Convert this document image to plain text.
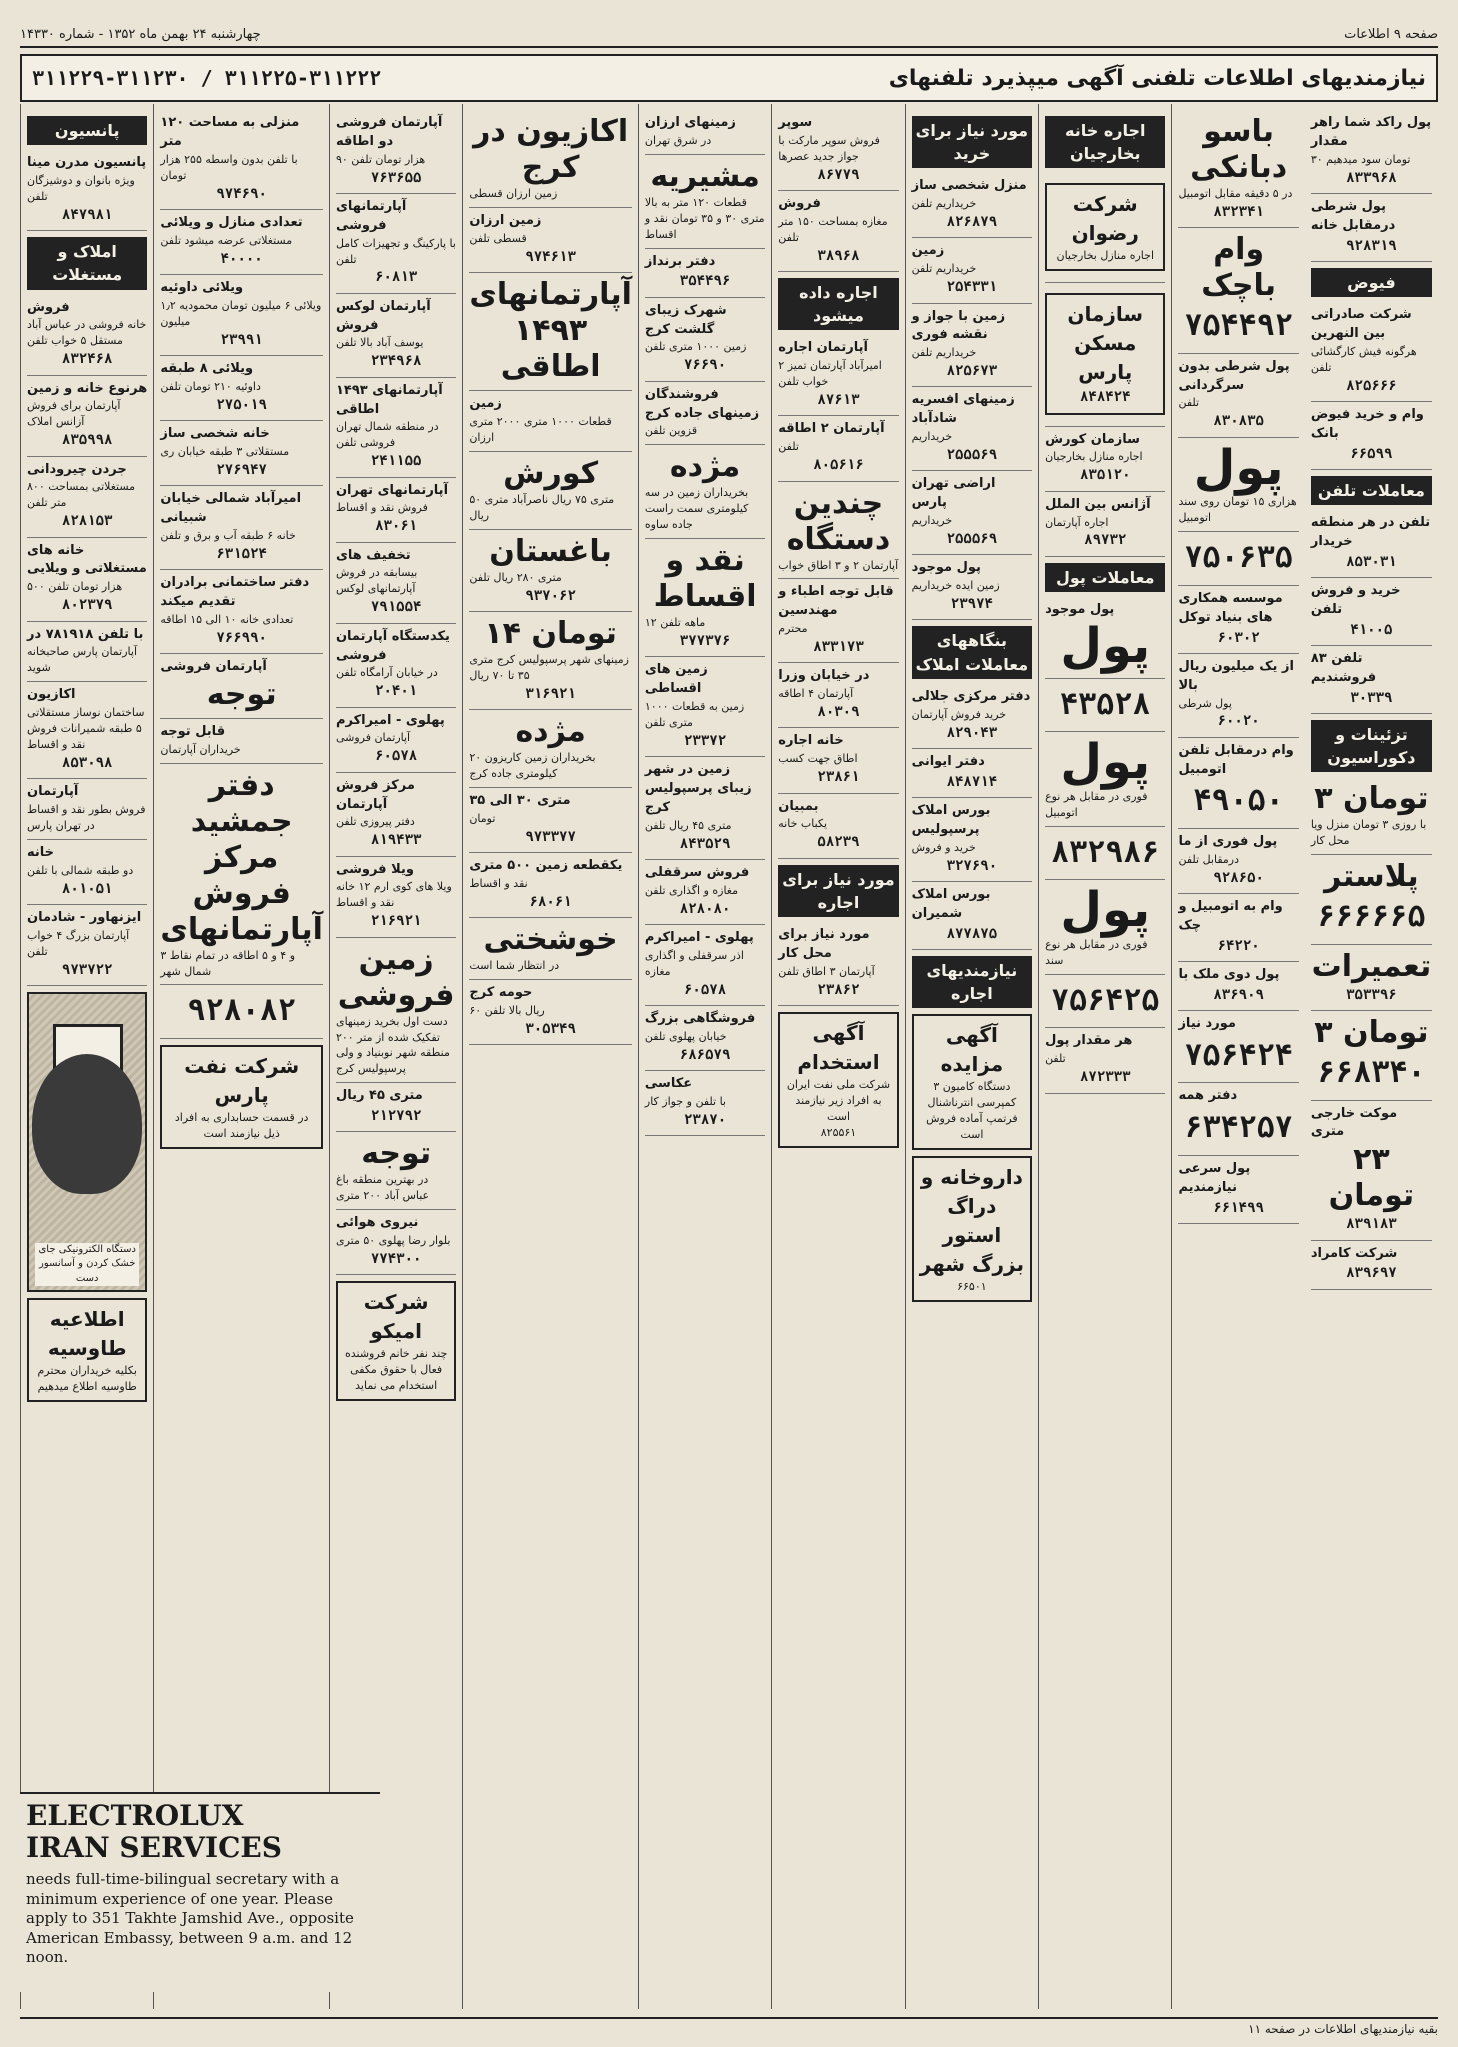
صفحه ۹ اطلاعات
چهارشنبه ۲۴ بهمن ماه ۱۳۵۲ - شماره ۱۴۳۳۰
نیازمندیهای اطلاعات تلفنی آگهی میپذیرد تلفنهای
۳۱۱۲۲۵-۳۱۱۲۲۲ / ۳۱۱۲۲۹-۳۱۱۲۳۰
پانسیون
پانسیون مدرن مینا
ویژه بانوان و دوشیزگان تلفن
۸۴۷۹۸۱
املاک و مستغلات
فروش
خانه فروشی در عباس آباد مستقل ۵ خواب تلفن
۸۳۲۴۶۸
هرنوع خانه و زمین
آپارتمان برای فروش آزانس املاک
۸۳۵۹۹۸
جردن چیرودانی
مستغلاتی بمساحت ۸۰۰ متر تلفن
۸۲۸۱۵۳
خانه های مستغلاتی و ویلایی
۵۰۰ هزار تومان تلفن
۸۰۲۳۷۹
با تلفن ۷۸۱۹۱۸ در
آپارتمان پارس صاحبخانه شوید
اکازیون
ساختمان نوساز مستقلاتی ۵ طبقه شمیرانات فروش نقد و اقساط
۸۵۳۰۹۸
آپارتمان
فروش بطور نقد و اقساط در تهران پارس
خانه
دو طبقه شمالی با تلفن
۸۰۱۰۵۱
ایزنهاور - شادمان
آپارتمان بزرگ ۴ خواب تلفن
۹۷۳۷۲۲
دستگاه الکترونیکی جای خشک کردن و آسانسور دست
اطلاعیه طاوسیه
بکلیه خریداران محترم طاوسیه اطلاع میدهیم
منزلی به مساحت ۱۲۰ متر
با تلفن بدون واسطه ۲۵۵ هزار تومان
۹۷۴۶۹۰
تعدادی منازل و ویلائی
مستغلاتی عرضه میشود تلفن
۴۰۰۰۰
ویلائی داوئیه
ویلائی ۶ میلیون تومان محمودیه ۱٫۲ میلیون
۲۳۹۹۱
ویلائی ۸ طبقه
داوئیه ۲۱۰ تومان تلفن
۲۷۵۰۱۹
خانه شخصی ساز
مستقلاتی ۳ طبقه خیابان ری
۲۷۶۹۴۷
امیرآباد شمالی خیابان شبیانی
خانه ۶ طبقه آب و برق و تلفن
۶۳۱۵۲۴
دفتر ساختمانی برادران تقدیم میکند
تعدادی خانه ۱۰ الی ۱۵ اطاقه
۷۶۶۹۹۰
آپارتمان فروشی
توجه
قابل توجه
خریداران آپارتمان
دفتر جمشید مرکز فروش آپارتمانهای
۳ و ۴ و ۵ اطاقه در تمام نقاط شمال شهر
۹۲۸۰۸۲
شرکت نفت پارس
در قسمت حسابداری به افراد ذیل نیازمند است
آپارتمان فروشی دو اطاقه
۹۰ هزار تومان تلفن
۷۶۳۶۵۵
آپارتمانهای فروشی
با پارکینگ و تجهیزات کامل تلفن
۶۰۸۱۳
آپارتمان لوکس فروش
یوسف آباد بالا تلفن
۲۳۴۹۶۸
آپارتمانهای ۱۴۹۳ اطاقی
در منطقه شمال تهران فروشی تلفن
۲۴۱۱۵۵
آپارتمانهای تهران
فروش نقد و اقساط
۸۳۰۶۱
تخفیف های
بیسابقه در فروش آپارتمانهای لوکس
۷۹۱۵۵۴
یکدستگاه آپارتمان فروشی
در خیابان آرامگاه تلفن
۲۰۴۰۱
پهلوی - امیراکرم
آپارتمان فروشی
۶۰۵۷۸
مرکز فروش آپارتمان
دفتر پیروزی تلفن
۸۱۹۴۳۳
ویلا فروشی
ویلا های کوی ارم ۱۲ خانه نقد و اقساط
۲۱۶۹۲۱
زمین فروشی
دست اول بخرید زمینهای تفکیک شده از متر ۲۰۰ منطقه شهر نوبنیاد و ولی پرسپولیس کرج
متری ۴۵ ریال
۲۱۲۷۹۲
توجه
در بهترین منطقه باغ عباس آباد ۲۰۰ متری
نیروی هوائی
بلوار رضا پهلوی ۵۰ متری
۷۷۴۳۰۰
شرکت امیکو
چند نفر خانم فروشنده فعال با حقوق مکفی استخدام می نماید
اکازیون در کرج
زمین ارزان قسطی
زمین ارزان
قسطی تلفن
۹۷۴۶۱۳
آپارتمانهای ۱۴۹۳ اطاقی
زمین
قطعات ۱۰۰۰ متری ۲۰۰۰ متری ارزان
کورش
متری ۷۵ ریال ناصرآباد متری ۵۰ ریال
باغستان
متری ۲۸۰ ریال تلفن
۹۳۷۰۶۲
۱۴ تومان
زمینهای شهر پرسپولیس کرج متری ۳۵ تا ۷۰ ریال
۳۱۶۹۲۱
مژده
بخریداران زمین کاریزون ۲۰ کیلومتری جاده کرج
متری ۳۰ الی ۳۵
تومان
۹۷۳۳۷۷
یکقطعه زمین ۵۰۰ متری
نقد و اقساط
۶۸۰۶۱
خوشختی
در انتظار شما است
حومه کرج
۶۰ ریال بالا تلفن
۳۰۵۳۴۹
زمینهای ارزان
در شرق تهران
مشیریه
قطعات ۱۲۰ متر به بالا متری ۳۰ و ۳۵ تومان نقد و اقساط
دفتر برنداز
۳۵۴۴۹۶
شهرک زیبای گلشت کرج
زمین ۱۰۰۰ متری تلفن
۷۶۶۹۰
فروشندگان زمینهای جاده کرج
قزوین تلفن
مژده
بخریداران زمین در سه کیلومتری سمت راست جاده ساوه
نقد و اقساط
۱۲ ماهه تلفن
۳۷۷۳۷۶
زمین های اقساطی
زمین به قطعات ۱۰۰۰ متری تلفن
۲۳۳۷۲
زمین در شهر زیبای پرسپولیس کرج
متری ۴۵ ریال تلفن
۸۴۳۵۲۹
فروش سرقفلی
مغازه و اگذاری تلفن
۸۲۸۰۸۰
پهلوی - امیراکرم
اذر سرقفلی و اگذاری مغازه
۶۰۵۷۸
فروشگاهی بزرگ
خیابان پهلوی تلفن
۶۸۶۵۷۹
عکاسی
با تلفن و جواز کار
۲۳۸۷۰
سوپر
فروش سوپر مارکت با جواز جدید عصرها
۸۶۷۷۹
فروش
مغازه بمساحت ۱۵۰ متر تلفن
۳۸۹۶۸
اجاره داده میشود
آپارتمان اجاره
امیرآباد آپارتمان تمیز ۲ خواب تلفن
۸۷۶۱۳
آپارتمان ۲ اطاقه
تلفن
۸۰۵۶۱۶
چندین دستگاه
آپارتمان ۲ و ۳ اطاق خواب
قابل توجه اطباء و مهندسین
محترم
۸۳۳۱۷۳
در خیابان وزرا
آپارتمان ۴ اطاقه
۸۰۳۰۹
خانه اجاره
اطاق جهت کسب
۲۳۸۶۱
بمبیان
یکباب خانه
۵۸۲۳۹
مورد نیاز برای اجاره
مورد نیاز برای محل کار
آپارتمان ۳ اطاق تلفن
۲۳۸۶۲
آگهی استخدام
شرکت ملی نفت ایران به افراد زیر نیازمند است
۸۲۵۵۶۱
مورد نیاز برای خرید
منزل شخصی ساز
خریداریم تلفن
۸۲۶۸۷۹
زمین
خریداریم تلفن
۲۵۴۳۳۱
زمین با جواز و نقشه فوری
خریداریم تلفن
۸۲۵۶۷۳
زمینهای افسریه شادآباد
خریداریم
۲۵۵۵۶۹
اراضی تهران پارس
خریداریم
۲۵۵۵۶۹
پول موجود
زمین ایده خریداریم
۲۳۹۷۴
بنگاههای معاملات املاک
دفتر مرکزی جلالی
خرید فروش آپارتمان
۸۲۹۰۴۳
دفتر ایوانی
۸۴۸۷۱۴
بورس املاک پرسپولیس
خرید و فروش
۳۲۷۶۹۰
بورس املاک شمیران
۸۷۷۸۷۵
نیازمندیهای اجاره
آگهی مزایده
۳ دستگاه کامیون کمپرسی انترناشنال فرتمپ آماده فروش است
داروخانه و دراگ استور بزرگ شهر
۶۶۵۰۱
اجاره خانه بخارجیان
شرکت رضوان
اجاره منازل بخارجیان
سازمان مسکن پارس
۸۴۸۴۲۴
سازمان کورش
اجاره منازل بخارجیان
۸۳۵۱۲۰
آژانس بین الملل
اجاره آپارتمان
۸۹۷۳۲
معاملات پول
پول موجود
پول
۴۳۵۲۸
پول
فوری در مقابل هر نوع اتومبیل
۸۳۲۹۸۶
پول
فوری در مقابل هر نوع سند
۷۵۶۴۲۵
هر مقدار پول
تلفن
۸۷۲۳۳۳
باسو دبانکی
در ۵ دقیقه مقابل اتومبیل
۸۳۲۳۴۱
وام باچک
۷۵۴۴۹۲
پول شرطی بدون سرگردانی
تلفن
۸۳۰۸۳۵
پول
هزاری ۱۵ تومان روی سند اتومبیل
۷۵۰۶۳۵
موسسه همکاری های بنیاد توکل
۶۰۳۰۲
از یک میلیون ریال بالا
پول شرطی
۶۰۰۲۰
وام درمقابل تلفن اتومبیل
۴۹۰۵۰
پول فوری از ما
درمقابل تلفن
۹۲۸۶۵۰
وام به اتومبیل و چک
۶۴۲۲۰
پول دوی ملک با
۸۳۶۹۰۹
مورد نیاز
۷۵۶۴۲۴
دفتر همه
۶۳۴۲۵۷
پول سرعی نیازمندیم
۶۶۱۴۹۹
پول راکد شما راهر مقدار
۳۰ تومان سود میدهیم
۸۳۳۹۶۸
پول شرطی درمقابل خانه
۹۲۸۳۱۹
فیوض
شرکت صادراتی بین النهرین
هرگونه فیش کارگشائی تلفن
۸۲۵۶۶۶
وام و خرید فیوض بانک
۶۶۵۹۹
معاملات تلفن
تلفن در هر منطقه خریدار
۸۵۳۰۳۱
خرید و فروش تلفن
۴۱۰۰۵
تلفن ۸۳ فروشندیم
۳۰۳۳۹
تزئینات و دکوراسیون
۳ تومان
با روزی ۳ تومان منزل ویا محل کار
پلاستر
۶۶۶۶۶۵
تعمیرات
۳۵۳۳۹۶
۳ تومان
۶۶۸۳۴۰
موکت خارجی متری
۲۳ تومان
۸۳۹۱۸۳
شرکت کامراد
۸۳۹۶۹۷
ELECTROLUX
IRAN SERVICES
needs full-time-bilingual secretary with a minimum experience of one year. Please apply to 351 Takhte Jamshid Ave., opposite American Embassy, between 9 a.m. and 12 noon.
بقیه نیازمندیهای اطلاعات در صفحه ۱۱
